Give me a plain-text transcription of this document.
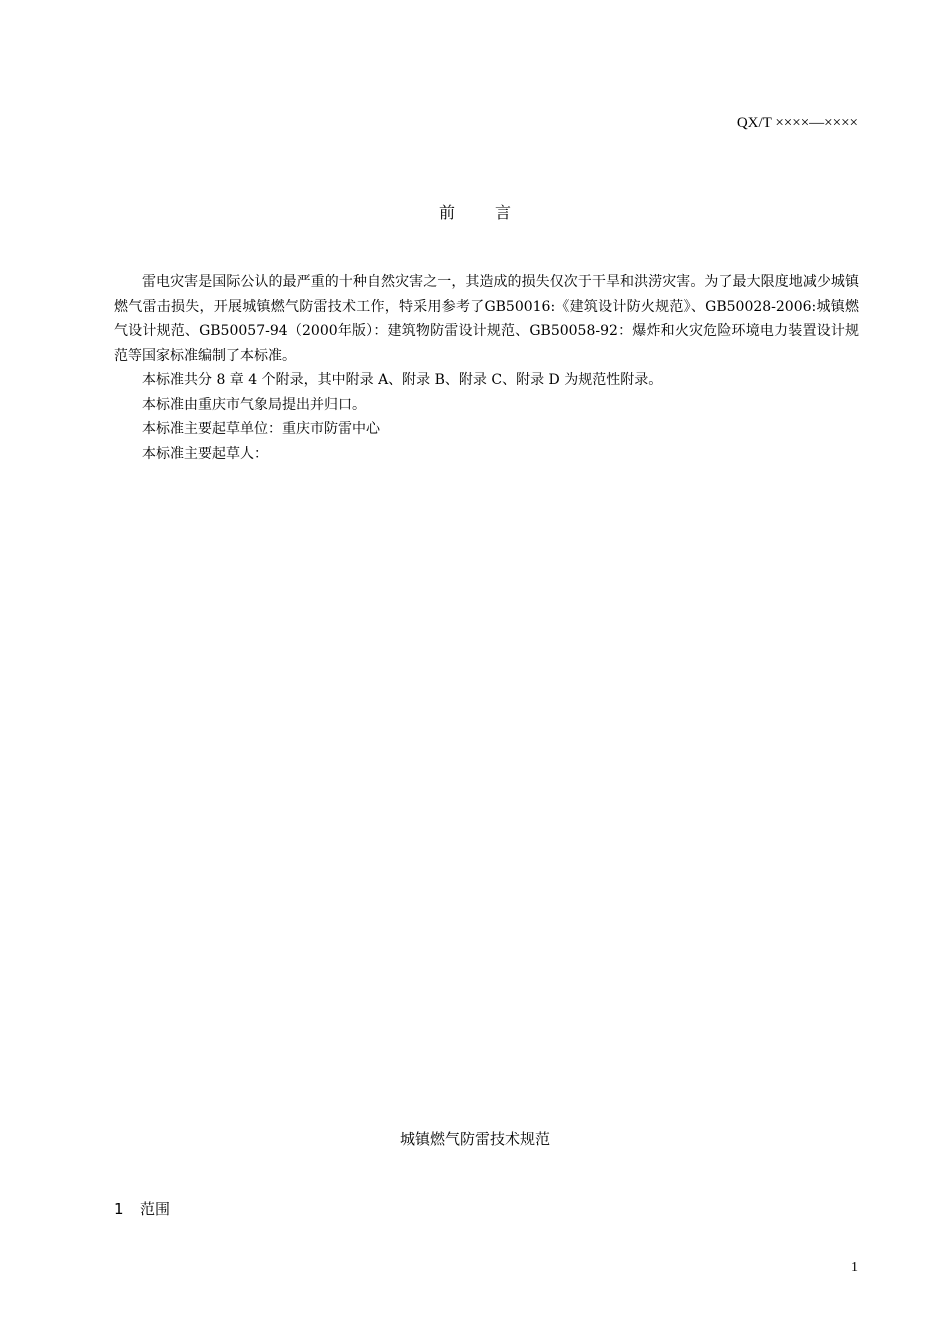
QX/T ××××—××××
前言

雷电灾害是国际公认的最严重的十种自然灾害之一，其造成的损失仅次于干旱和洪涝灾害。为了最大限度地减少城镇燃气雷击损失，开展城镇燃气防雷技术工作，特采用参考了GB50016:《建筑设计防火规范》、GB50028-2006:城镇燃气设计规范、GB50057-94（2000年版）：建筑物防雷设计规范、GB50058-92：爆炸和火灾危险环境电力装置设计规范等国家标准编制了本标准。

本标准共分 8 章 4 个附录，其中附录 A、附录 B、附录 C、附录 D 为规范性附录。

本标准由重庆市气象局提出并归口。

本标准主要起草单位：重庆市防雷中心

本标准主要起草人：

城镇燃气防雷技术规范
1 范围
1
